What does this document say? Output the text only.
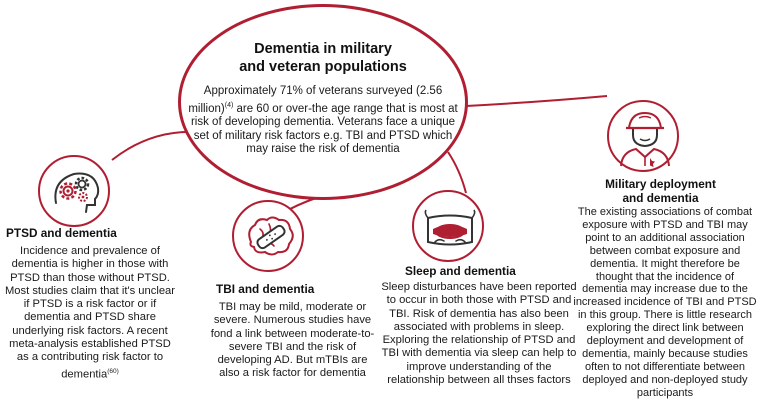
Dementia in military
and veteran populations
Approximately 71% of veterans surveyed (2.56 million)$^{(4)}$ are 60 or over-the age range that is most at risk of developing dementia. Veterans face a unique set of military risk factors e.g. TBI and PTSD which may raise the risk of dementia
PTSD and dementia
Incidence and prevalence of dementia is higher in those with PTSD than those without PTSD. Most studies claim that it's unclear if PTSD is a risk factor or if dementia and PTSD share underlying risk factors. A recent meta-analysis established PTSD as a contributing risk factor to dementia$^{(60)}$
TBI and dementia
TBI may be mild, moderate or severe. Numerous studies have fond a link between moderate-to-severe TBI and the risk of developing AD. But mTBIs are also a risk factor for dementia
Sleep and dementia
Sleep disturbances have been reported to occur in both those with PTSD and TBI. Risk of dementia has also been associated with problems in sleep. Exploring the relationship of PTSD and TBI with dementia via sleep can help to improve understanding of the relationship between all thses factors
Military deployment
and dementia
The existing associations of combat exposure with PTSD and TBI may point to an additional association between combat exposure and dementia. It might therefore be thought that the incidence of dementia may increase due to the increased incidence of TBI and PTSD in this group. There is little research exploring the direct link between deployment and development of dementia, mainly because studies often to not differentiate between deployed and non-deployed study participants
